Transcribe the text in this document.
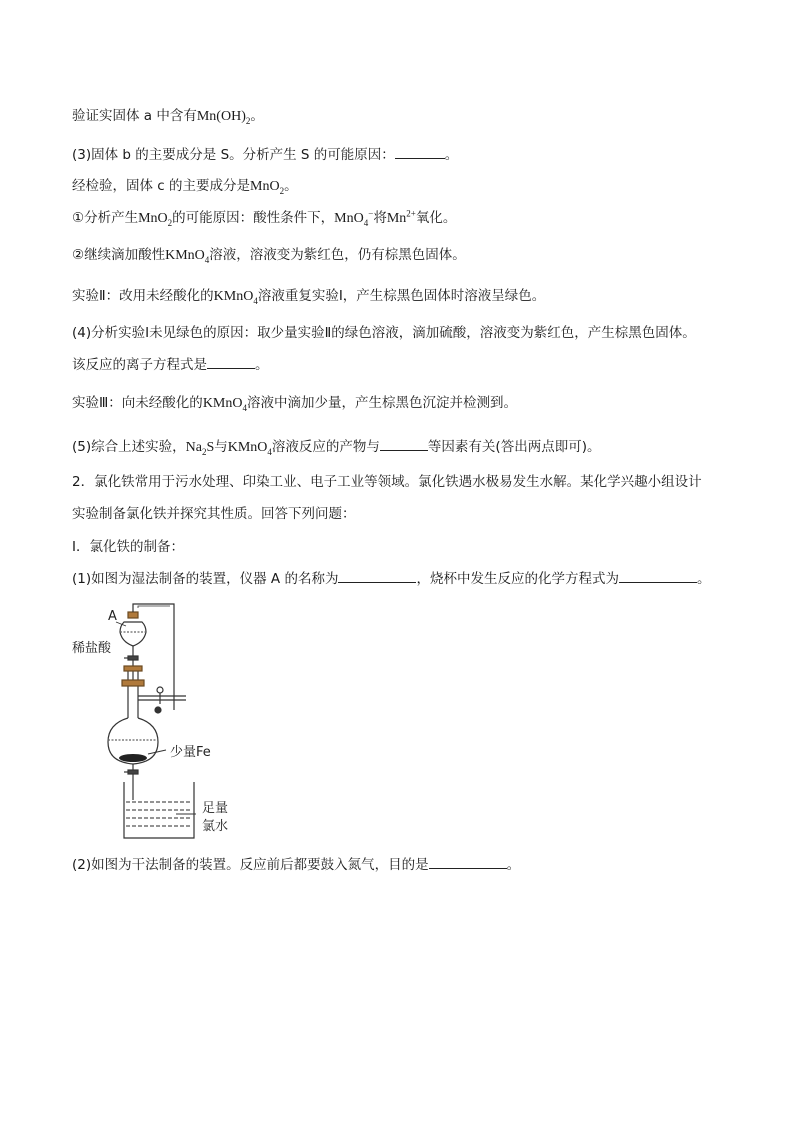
验证实固体 a 中含有$Mn(OH)_2$。
(3)固体 b 的主要成分是 S。分析产生 S 的可能原因：	。
经检验，固体 c 的主要成分是MnO$_2$。
①分析产生MnO$_2$的可能原因：酸性条件下，MnO$_4$−将$Mn^{2+}$氧化。
②继续滴加酸性KMnO$_4$溶液，溶液变为紫红色，仍有棕黑色固体。
实验Ⅱ：改用未经酸化的KMnO$_4$溶液重复实验Ⅰ，产生棕黑色固体时溶液呈绿色。
(4)分析实验Ⅰ未见绿色的原因：取少量实验Ⅱ的绿色溶液，滴加硫酸，溶液变为紫红色，产生棕黑色固体。
该反应的离子方程式是	。
实验Ⅲ：向未经酸化的KMnO$_4$溶液中滴加少量，产生棕黑色沉淀并检测到。
(5)综合上述实验，$Na_2S$与KMnO$_4$溶液反应的产物与	等因素有关(答出两点即可)。
2．氯化铁常用于污水处理、印染工业、电子工业等领域。氯化铁遇水极易发生水解。某化学兴趣小组设计
实验制备氯化铁并探究其性质。回答下列问题：
Ⅰ．氯化铁的制备：
(1)如图为湿法制备的装置，仪器 A 的名称为	，烧杯中发生反应的化学方程式为	。
A
稀盐酸
少量Fe
足量
氯水
(2)如图为干法制备的装置。反应前后都要鼓入氮气，目的是	。
